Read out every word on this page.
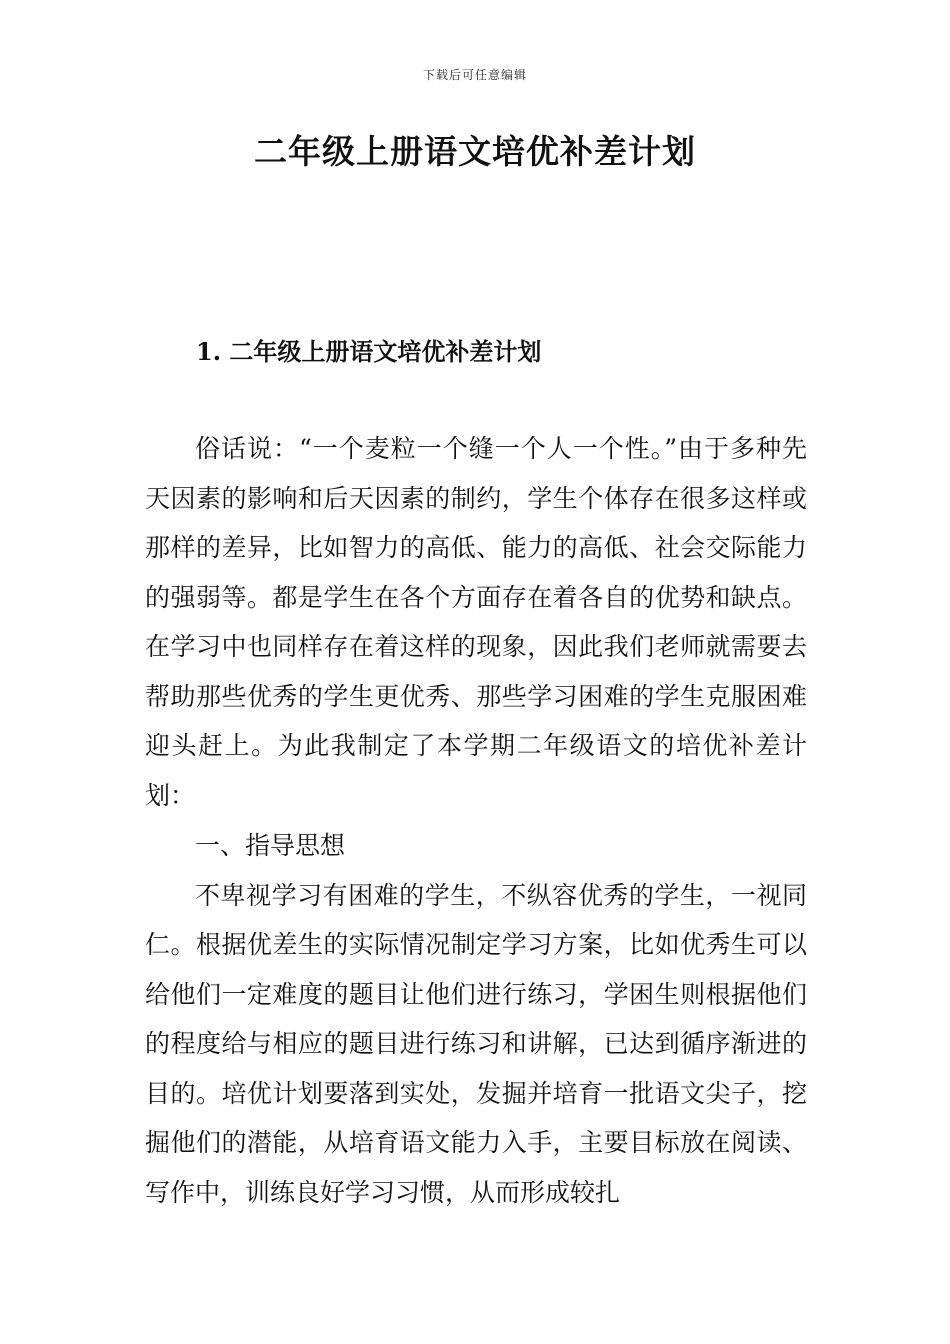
下载后可任意编辑
二年级上册语文培优补差计划
1. 二年级上册语文培优补差计划

俗话说：“一个麦粒一个缝一个人一个性。”由于多种先天因素的影响和后天因素的制约，学生个体存在很多这样或那样的差异，比如智力的高低、能力的高低、社会交际能力的强弱等。都是学生在各个方面存在着各自的优势和缺点。在学习中也同样存在着这样的现象，因此我们老师就需要去帮助那些优秀的学生更优秀、那些学习困难的学生克服困难迎头赶上。为此我制定了本学期二年级语文的培优补差计划：

一、指导思想

不卑视学习有困难的学生，不纵容优秀的学生，一视同仁。根据优差生的实际情况制定学习方案，比如优秀生可以给他们一定难度的题目让他们进行练习，学困生则根据他们的程度给与相应的题目进行练习和讲解，已达到循序渐进的目的。培优计划要落到实处，发掘并培育一批语文尖子，挖掘他们的潜能，从培育语文能力入手，主要目标放在阅读、写作中，训练良好学习习惯，从而形成较扎
